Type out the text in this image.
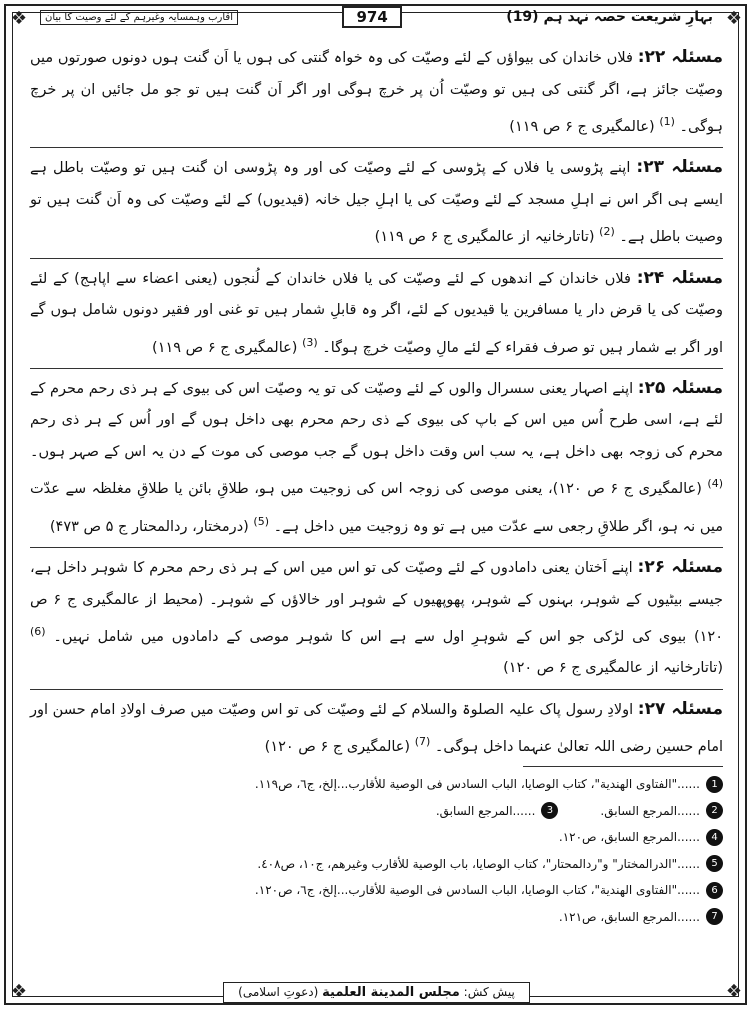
❖	❖
❖	❖
بہارِ شریعت حصہ نہد ہم (19)
974
اقارب وہمسایہ وغیرہم کے لئے وصیت کا بیان

مسئلہ ۲۲: فلاں خاندان کی بیواؤں کے لئے وصیّت کی وہ خواہ گنتی کی ہوں یا اَن گنت ہوں دونوں صورتوں میں وصیّت جائز ہے، اگر گنتی کی ہیں تو وصیّت اُن پر خرچ ہوگی اور اگر اَن گنت ہیں تو جو مل جائیں ان پر خرچ ہوگی۔ $^{(1)}$ (عالمگیری ج ۶ ص ۱۱۹)

مسئلہ ۲۳: اپنے پڑوسی یا فلاں کے پڑوسی کے لئے وصیّت کی اور وہ پڑوسی ان گنت ہیں تو وصیّت باطل ہے ایسے ہی اگر اس نے اہلِ مسجد کے لئے وصیّت کی یا اہلِ جیل خانہ (قیدیوں) کے لئے وصیّت کی وہ اَن گنت ہیں تو وصیت باطل ہے۔ $^{(2)}$ (تاتارخانیہ از عالمگیری ج ۶ ص ۱۱۹)

مسئلہ ۲۴: فلاں خاندان کے اندھوں کے لئے وصیّت کی یا فلاں خاندان کے لُنجوں (یعنی اعضاء سے اپاہج) کے لئے وصیّت کی یا قرض دار یا مسافرین یا قیدیوں کے لئے، اگر وہ قابلِ شمار ہیں تو غنی اور فقیر دونوں شامل ہوں گے اور اگر بے شمار ہیں تو صرف فقراء کے لئے مالِ وصیّت خرچ ہوگا۔ $^{(3)}$ (عالمگیری ج ۶ ص ۱۱۹)

مسئلہ ۲۵: اپنے اصہار یعنی سسرال والوں کے لئے وصیّت کی تو یہ وصیّت اس کی بیوی کے ہر ذی رحم محرم کے لئے ہے، اسی طرح اُس میں اس کے باپ کی بیوی کے ذی رحم محرم بھی داخل ہوں گے اور اُس کے ہر ذی رحم محرم کی زوجہ بھی داخل ہے، یہ سب اس وقت داخل ہوں گے جب موصی کی موت کے دن یہ اس کے صہر ہوں۔ $^{(4)}$ (عالمگیری ج ۶ ص ۱۲۰)، یعنی موصی کی زوجہ اس کی زوجیت میں ہو، طلاقِ بائن یا طلاقِ مغلظہ سے عدّت میں نہ ہو، اگر طلاقِ رجعی سے عدّت میں ہے تو وہ زوجیت میں داخل ہے۔ $^{(5)}$ (درمختار، ردالمحتار ج ۵ ص ۴۷۳)

مسئلہ ۲۶: اپنے اَختان یعنی دامادوں کے لئے وصیّت کی تو اس میں اس کے ہر ذی رحم محرم کا شوہر داخل ہے، جیسے بیٹیوں کے شوہر، بہنوں کے شوہر، پھوپھیوں کے شوہر اور خالاؤں کے شوہر۔ (محیط از عالمگیری ج ۶ ص ۱۲۰) بیوی کی لڑکی جو اس کے شوہرِ اول سے ہے اس کا شوہر موصی کے دامادوں میں شامل نہیں۔ $^{(6)}$ (تاتارخانیہ از عالمگیری ج ۶ ص ۱۲۰)

مسئلہ ۲۷: اولادِ رسول پاک علیہ الصلوۃ والسلام کے لئے وصیّت کی تو اس وصیّت میں صرف اولادِ امام حسن اور امام حسین رضی اللہ تعالیٰ عنہما داخل ہوگی۔ $^{(7)}$ (عالمگیری ج ۶ ص ۱۲۰)

1
......"الفتاوى الهندية"، كتاب الوصايا، الباب السادس فى الوصية للأقارب...إلخ، ج٦، ص١١٩.
2
......المرجع السابق.
3
......المرجع السابق.
4
......المرجع السابق، ص١٢٠.
5
......"الدرالمختار" و"ردالمحتار"، كتاب الوصايا، باب الوصية للأقارب وغيرهم، ج١٠، ص٤٠٨.
6
......"الفتاوى الهندية"، كتاب الوصايا، الباب السادس فى الوصية للأقارب...إلخ، ج٦، ص١٢٠.
7
......المرجع السابق، ص١٢١.
پیش کش: مجلس المدينة العلمية (دعوتِ اسلامی)
